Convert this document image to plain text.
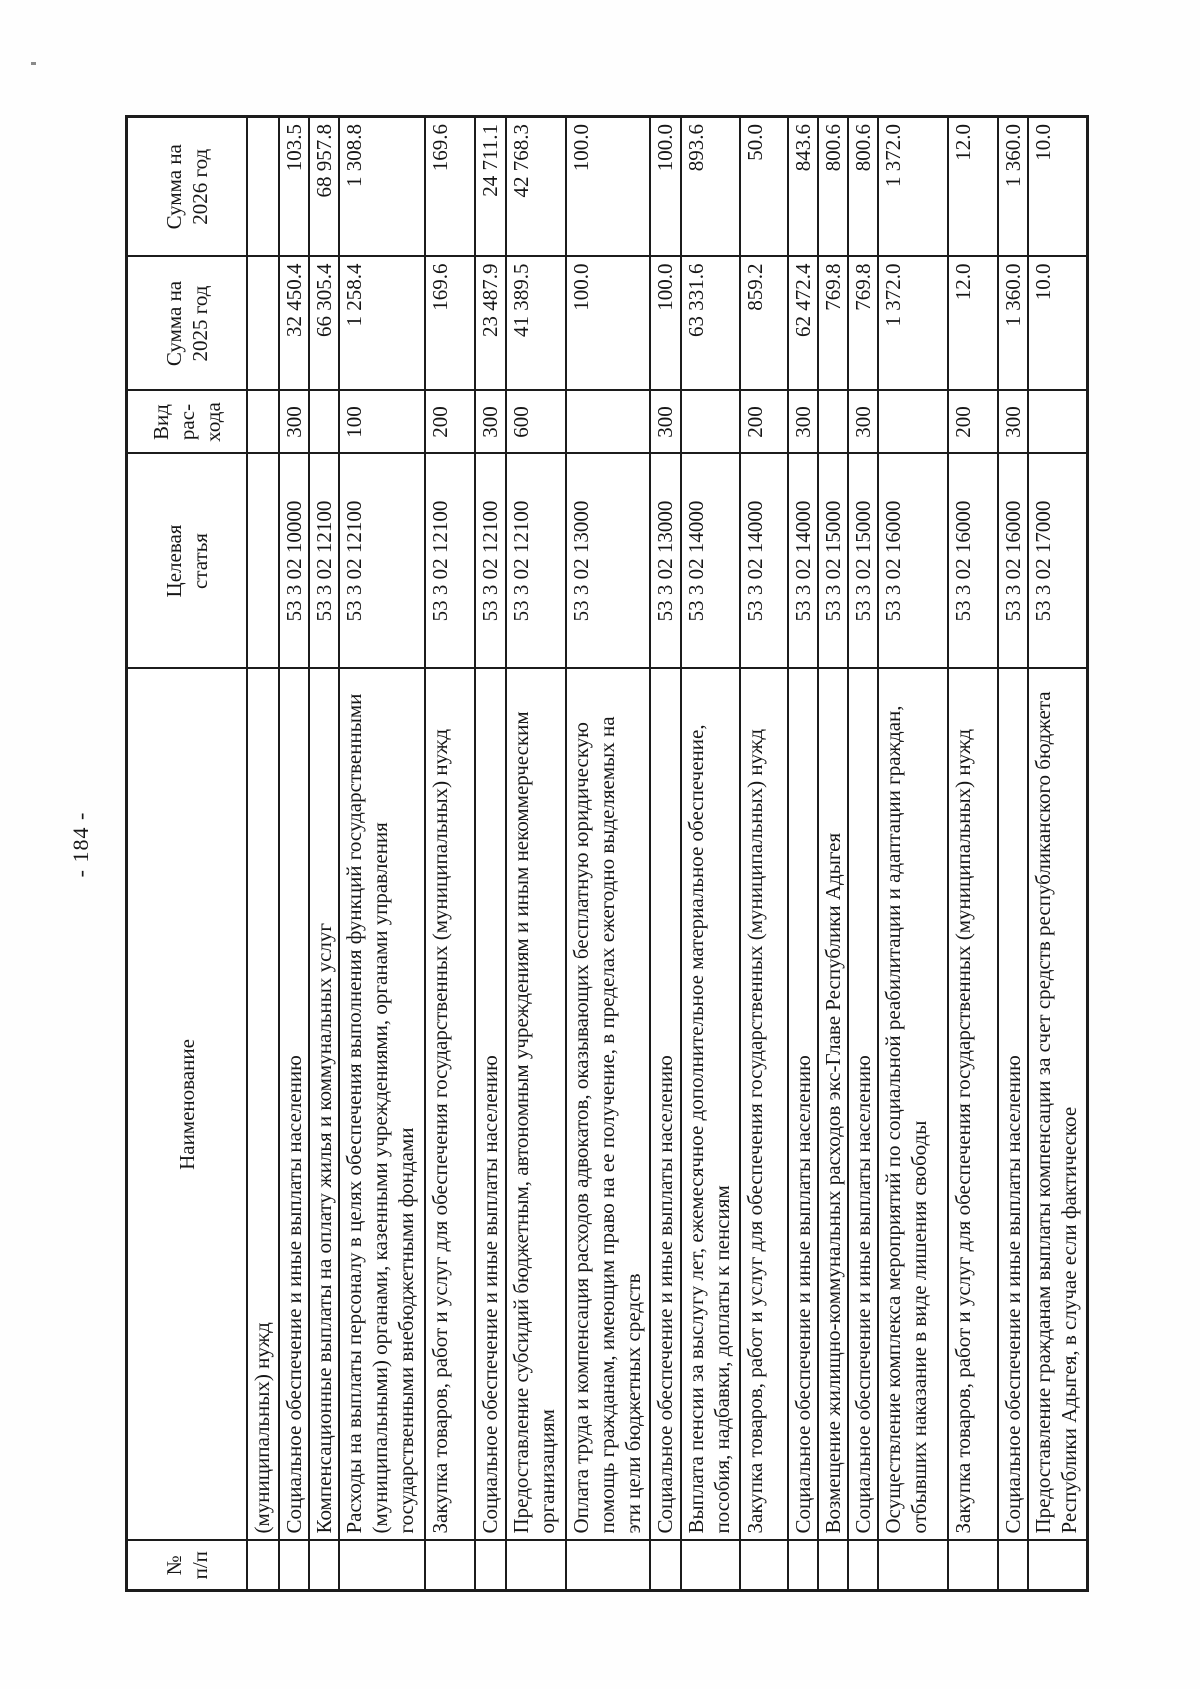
- 184 -
№ п/п	Наименование	Целевая статья	Вид рас-хода	Сумма на 2025 год	Сумма на 2026 год
	(муниципальных) нужд				
	Социальное обеспечение и иные выплаты населению	53 3 02 10000	300	32 450.4	103.5
	Компенсационные выплаты на оплату жилья и коммунальных услуг	53 3 02 12100		66 305.4	68 957.8
	Расходы на выплаты персоналу в целях обеспечения выполнения функций государственными (муниципальными) органами, казенными учреждениями, органами управления государственными внебюджетными фондами	53 3 02 12100	100	1 258.4	1 308.8
	Закупка товаров, работ и услуг для обеспечения государственных (муниципальных) нужд	53 3 02 12100	200	169.6	169.6
	Социальное обеспечение и иные выплаты населению	53 3 02 12100	300	23 487.9	24 711.1
	Предоставление субсидий бюджетным, автономным учреждениям и иным некоммерческим организациям	53 3 02 12100	600	41 389.5	42 768.3
	Оплата труда и компенсация расходов адвокатов, оказывающих бесплатную юридическую помощь гражданам, имеющим право на ее получение, в пределах ежегодно выделяемых на эти цели бюджетных средств	53 3 02 13000		100.0	100.0
	Социальное обеспечение и иные выплаты населению	53 3 02 13000	300	100.0	100.0
	Выплата пенсии за выслугу лет, ежемесячное дополнительное материальное обеспечение, пособия, надбавки, доплаты к пенсиям	53 3 02 14000		63 331.6	893.6
	Закупка товаров, работ и услуг для обеспечения государственных (муниципальных) нужд	53 3 02 14000	200	859.2	50.0
	Социальное обеспечение и иные выплаты населению	53 3 02 14000	300	62 472.4	843.6
	Возмещение жилищно-коммунальных расходов экс-Главе Республики Адыгея	53 3 02 15000		769.8	800.6
	Социальное обеспечение и иные выплаты населению	53 3 02 15000	300	769.8	800.6
	Осуществление комплекса мероприятий по социальной реабилитации и адаптации граждан, отбывших наказание в виде лишения свободы	53 3 02 16000		1 372.0	1 372.0
	Закупка товаров, работ и услуг для обеспечения государственных (муниципальных) нужд	53 3 02 16000	200	12.0	12.0
	Социальное обеспечение и иные выплаты населению	53 3 02 16000	300	1 360.0	1 360.0
	Предоставление гражданам выплаты компенсации за счет средств республиканского бюджета Республики Адыгея, в случае если фактическое	53 3 02 17000		10.0	10.0
